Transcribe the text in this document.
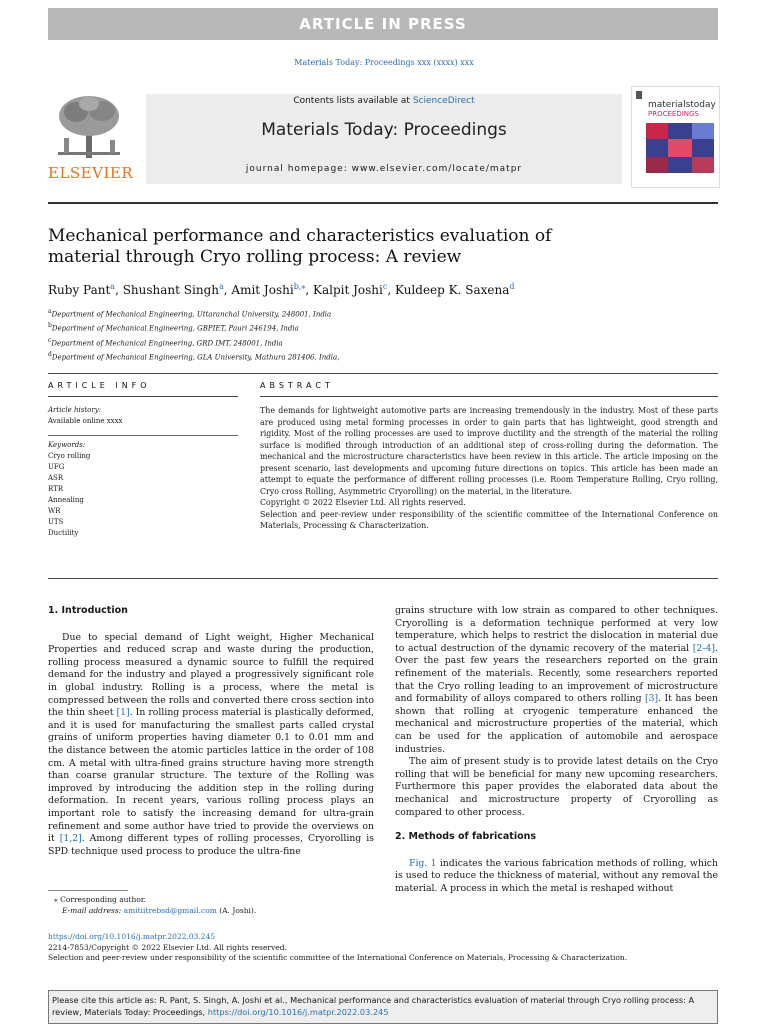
ARTICLE IN PRESS
Materials Today: Proceedings xxx (xxxx) xxx
ELSEVIER
Contents lists available at ScienceDirect
Materials Today: Proceedings
journal homepage: www.elsevier.com/locate/matpr
materialstoday
PROCEEDINGS
Mechanical performance and characteristics evaluation of material through Cryo rolling process: A review
Ruby Pant$^a$, Shushant Singh$^a$, Amit Joshi$^{b,⁎}$, Kalpit Joshi$^c$, Kuldeep K. Saxena$^d$
$^a$Department of Mechanical Engineering, Uttaranchal University, 248001, India
$^b$Department of Mechanical Engineering, GBPIET, Pauri 246194, India
$^c$Department of Mechanical Engineering, GRD IMT, 248001, India
$^d$Department of Mechanical Engineering, GLA University, Mathura 281406, India,
ARTICLE INFO	ABSTRACT
Article history:
Available online xxxx
Keywords:
Cryo rolling
UFG
ASR
RTR
Annealing
WR
UTS
Ductility

The demands for lightweight automotive parts are increasing tremendously in the industry. Most of these parts are produced using metal forming processes in order to gain parts that has lightweight, good strength and rigidity. Most of the rolling processes are used to improve ductility and the strength of the material the rolling surface is modified through introduction of an additional step of cross-rolling during the deformation. The mechanical and the microstructure characteristics have been review in this article. The article imposing on the present scenario, last developments and upcoming future directions on topics. This article has been made an attempt to equate the performance of different rolling processes (i.e. Room Temperature Rolling, Cryo rolling, Cryo cross Rolling, Asymmetric Cryorolling) on the material, in the literature.

Copyright © 2022 Elsevier Ltd. All rights reserved.

Selection and peer-review under responsibility of the scientific committee of the International Conference on Materials, Processing & Characterization.

1. Introduction

Due to special demand of Light weight, Higher Mechanical Properties and reduced scrap and waste during the production, rolling process measured a dynamic source to fulfill the required demand for the industry and played a progressively significant role in global industry. Rolling is a process, where the metal is compressed between the rolls and converted there cross section into the thin sheet [1]. In rolling process material is plastically deformed, and it is used for manufacturing the smallest parts called crystal grains of uniform properties having diameter 0.1 to 0.01 mm and the distance between the atomic particles lattice in the order of 108 cm. A metal with ultra-fined grains structure having more strength than coarse granular structure. The texture of the Rolling was improved by introducing the addition step in the rolling during deformation. In recent years, various rolling process plays an important role to satisfy the increasing demand for ultra-grain refinement and some author have tried to provide the overviews on it [1,2]. Among different types of rolling processes, Cryorolling is SPD technique used process to produce the ultra-fine

grains structure with low strain as compared to other techniques. Cryorolling is a deformation technique performed at very low temperature, which helps to restrict the dislocation in material due to actual destruction of the dynamic recovery of the material [2-4]. Over the past few years the researchers reported on the grain refinement of the materials. Recently, some researchers reported that the Cryo rolling leading to an improvement of microstructure and formability of alloys compared to others rolling [3]. It has been shown that rolling at cryogenic temperature enhanced the mechanical and microstructure properties of the material, which can be used for the application of automobile and aerospace industries.

The aim of present study is to provide latest details on the Cryo rolling that will be beneficial for many new upcoming researchers. Furthermore this paper provides the elaborated data about the mechanical and microstructure property of Cryorolling as compared to other process.

2. Methods of fabrications

Fig. 1 indicates the various fabrication methods of rolling, which is used to reduce the thickness of material, without any removal the material. A process in which the metal is reshaped without

⁎ Corresponding author.
E-mail address: amitiitrebsd@gmail.com (A. Joshi).
https://doi.org/10.1016/j.matpr.2022.03.245
2214-7853/Copyright © 2022 Elsevier Ltd. All rights reserved.
Selection and peer-review under responsibility of the scientific committee of the International Conference on Materials, Processing & Characterization.
Please cite this article as: R. Pant, S. Singh, A. Joshi et al., Mechanical performance and characteristics evaluation of material through Cryo rolling process: A review, Materials Today: Proceedings, https://doi.org/10.1016/j.matpr.2022.03.245
